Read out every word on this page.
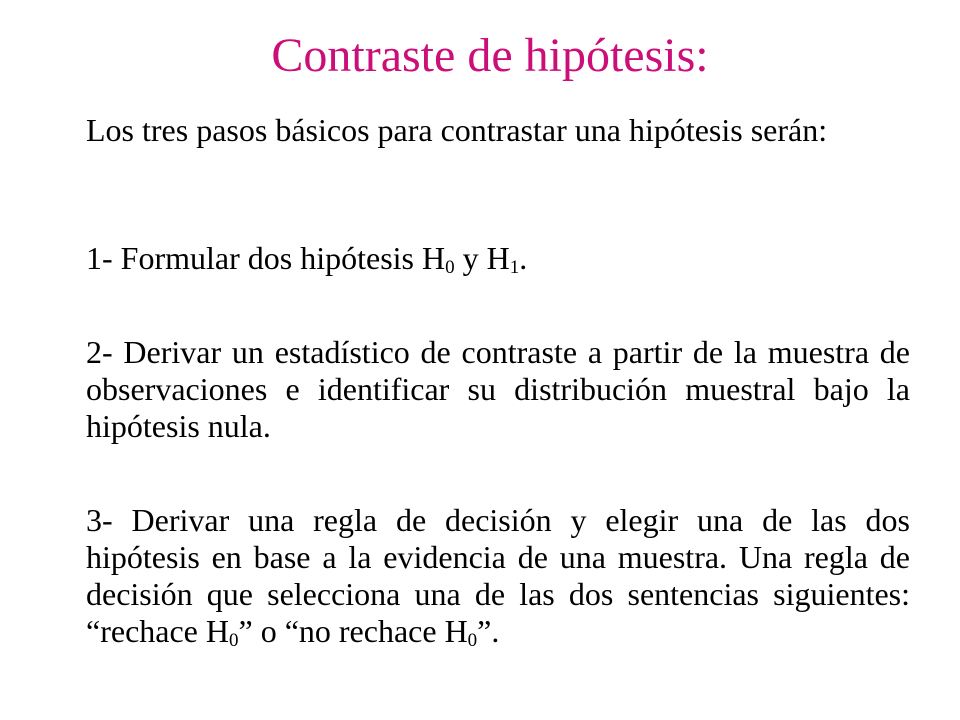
Contraste de hipótesis:

Los tres pasos básicos para contrastar una hipótesis serán:

1- Formular dos hipótesis $H_0$ y $H_1$.

2- Derivar un estadístico de contraste a partir de la muestra de observaciones e identificar su distribución muestral bajo la hipótesis nula.

3- Derivar una regla de decisión y elegir una de las dos hipótesis en base a la evidencia de una muestra. Una regla de decisión que selecciona una de las dos sentencias siguientes: “rechace $H_0$” o “no rechace $H_0$”.
